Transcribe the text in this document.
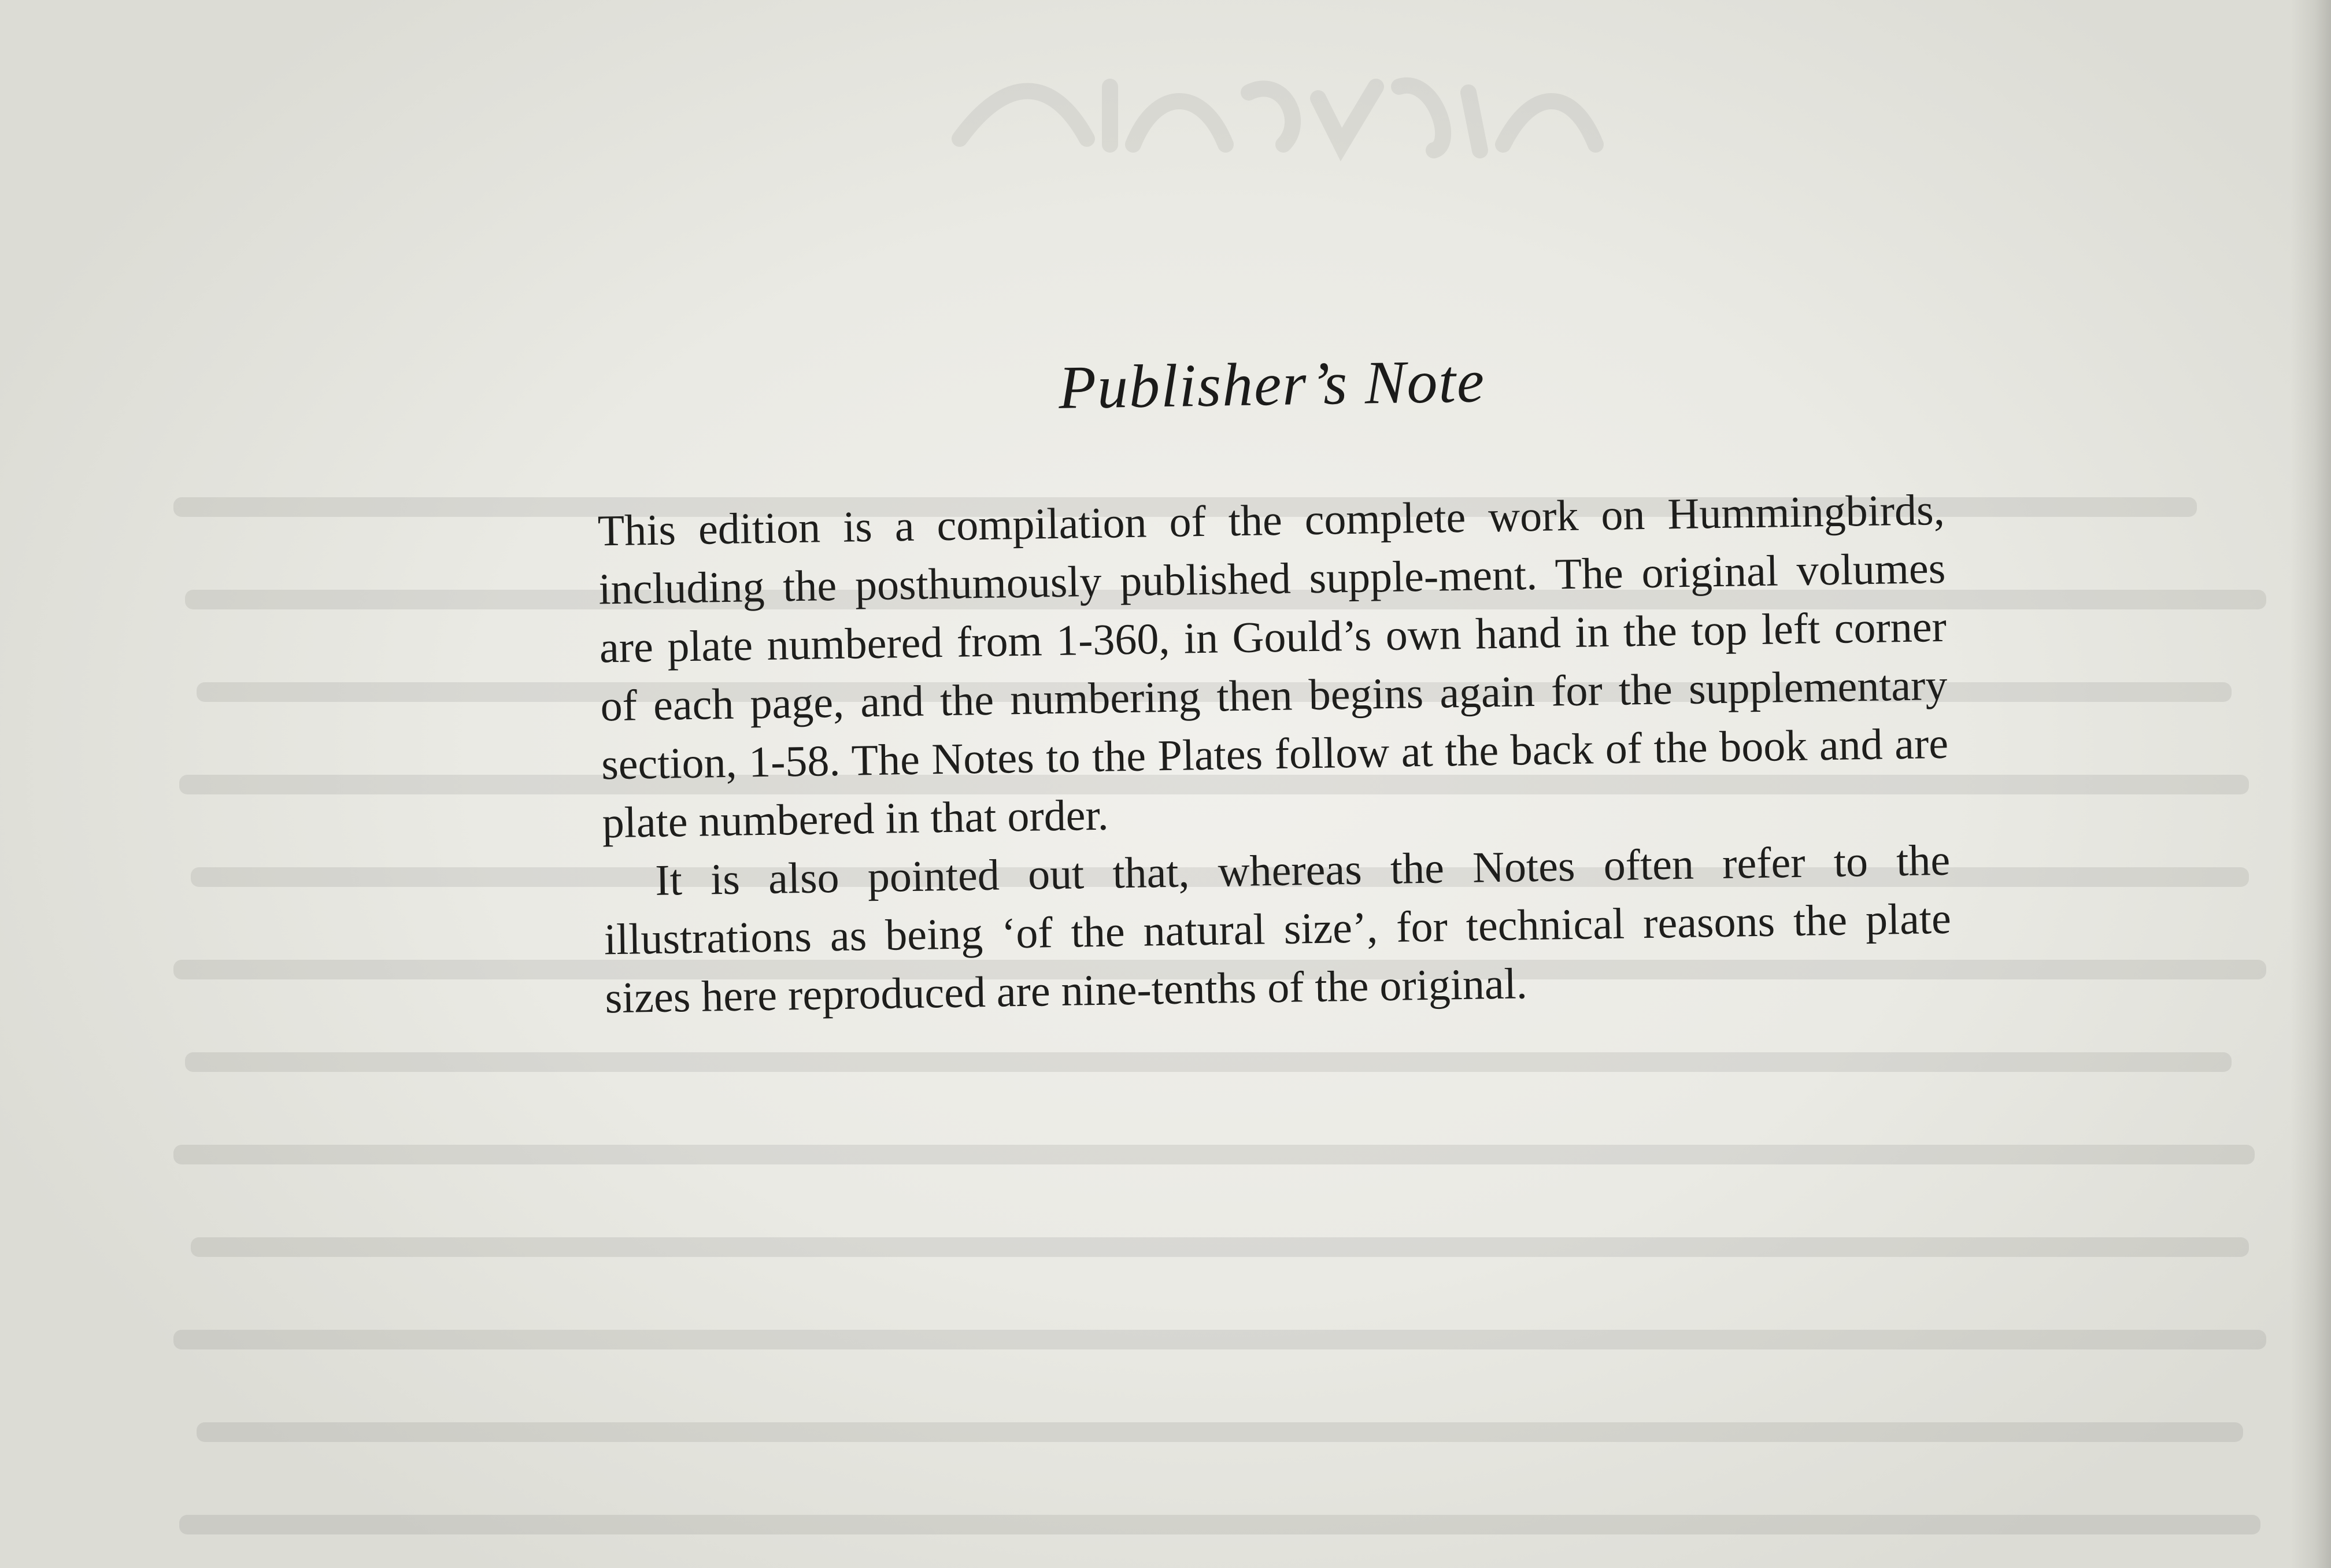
Publisher’s Note

This edition is a compilation of the complete work on Hummingbirds, including the posthumously published supple-ment. The original volumes are plate numbered from 1-360, in Gould’s own hand in the top left corner of each page, and the numbering then begins again for the supplementary section, 1-58. The Notes to the Plates follow at the back of the book and are plate numbered in that order.

It is also pointed out that, whereas the Notes often refer to the illustrations as being ‘of the natural size’, for technical reasons the plate sizes here reproduced are nine-tenths of the original.
